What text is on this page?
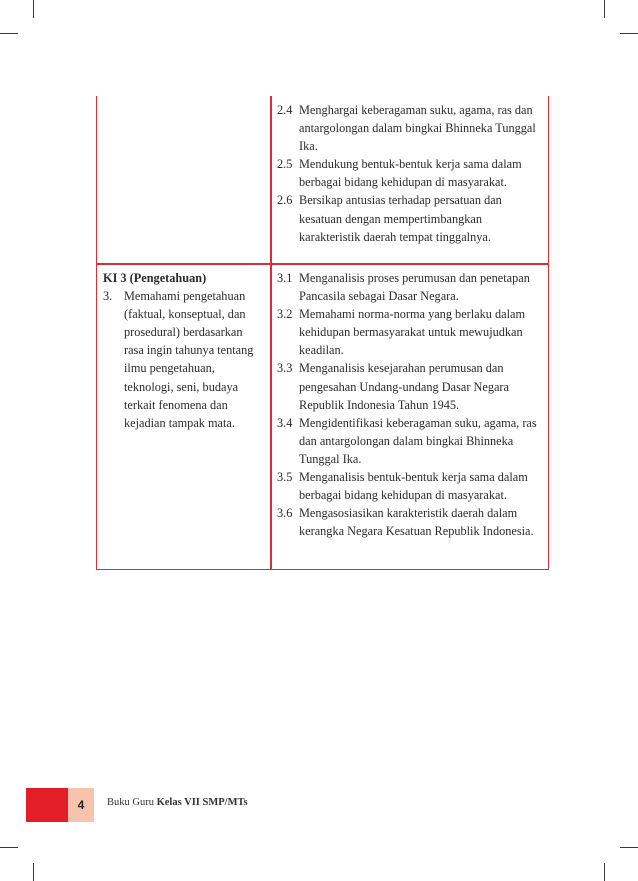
2.4 Menghargai keberagaman suku, agama, ras dan antargolongan dalam bingkai Bhinneka Tunggal Ika.
2.5 Mendukung bentuk-bentuk kerja sama dalam berbagai bidang kehidupan di masyarakat.
2.6 Bersikap antusias terhadap persatuan dan kesatuan dengan mempertimbangkan karakteristik daerah tempat tinggalnya.
KI 3 (Pengetahuan)
3. Memahami pengetahuan (faktual, konseptual, dan prosedural) berdasarkan rasa ingin tahunya tentang ilmu pengetahuan, teknologi, seni, budaya terkait fenomena dan kejadian tampak mata.
3.1 Menganalisis proses perumusan dan penetapan Pancasila sebagai Dasar Negara.
3.2 Memahami norma-norma yang berlaku dalam kehidupan bermasyarakat untuk mewujudkan keadilan.
3.3 Menganalisis kesejarahan perumusan dan pengesahan Undang-undang Dasar Negara Republik Indonesia Tahun 1945.
3.4 Mengidentifikasi keberagaman suku, agama, ras dan antargolongan dalam bingkai Bhinneka Tunggal Ika.
3.5 Menganalisis bentuk-bentuk kerja sama dalam berbagai bidang kehidupan di masyarakat.
3.6 Mengasosiasikan karakteristik daerah dalam kerangka Negara Kesatuan Republik Indonesia.
4	Buku Guru Kelas VII SMP/MTs
